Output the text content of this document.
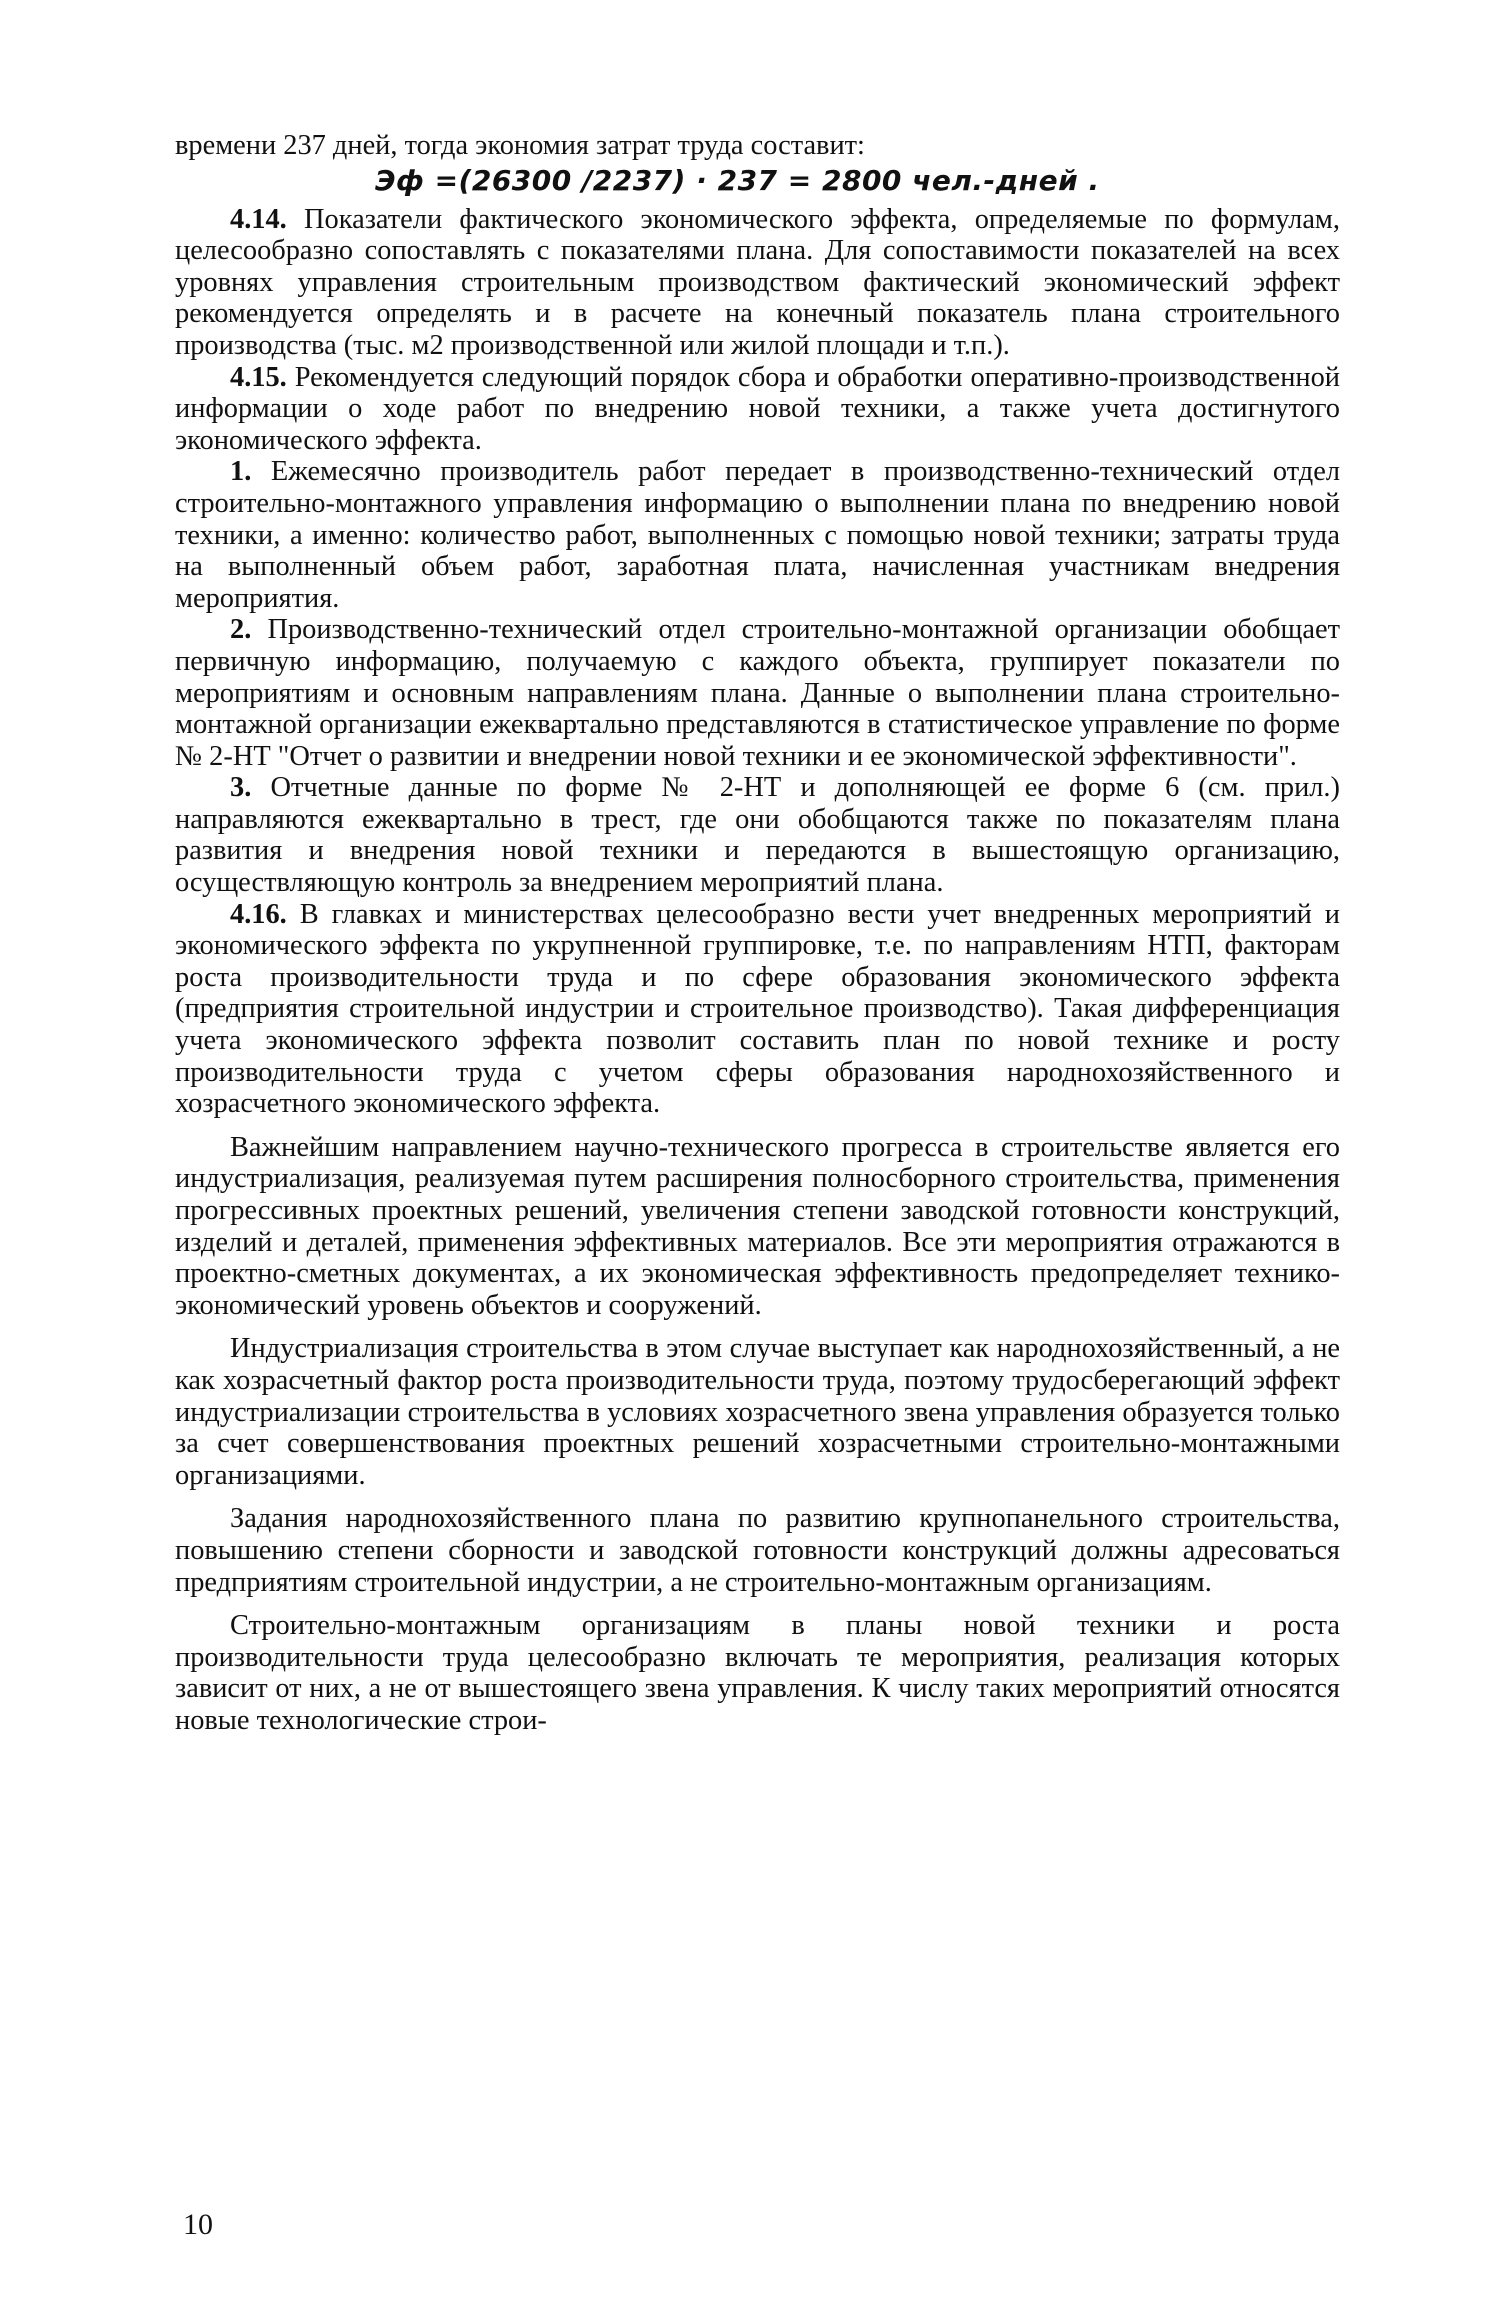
времени 237 дней, тогда экономия затрат труда составит:

Эф =(26300 /2237) · 237 = 2800 чел.-дней .

4.14. Показатели фактического экономического эффекта, определяемые по формулам, целесообразно сопоставлять с показателями плана. Для сопоставимости показателей на всех уровнях управления строительным производством фактический экономический эффект рекомендуется определять и в расчете на конечный показатель плана строительного производства (тыс. м2 производственной или жилой площади и т.п.).

4.15. Рекомендуется следующий порядок сбора и обработки оперативно-производственной информации о ходе работ по внедрению новой техники, а также учета достигнутого экономического эффекта.

1. Ежемесячно производитель работ передает в производственно-технический отдел строительно-монтажного управления информацию о выполнении плана по внедрению новой техники, а именно: количество работ, выполненных с помощью новой техники; затраты труда на выполненный объем работ, заработная плата, начисленная участникам внедрения мероприятия.

2. Производственно-технический отдел строительно-монтажной организации обобщает первичную информацию, получаемую с каждого объекта, группирует показатели по мероприятиям и основным направлениям плана. Данные о выполнении плана строительно-монтажной организации ежеквартально представляются в статистическое управление по форме № 2-НТ "Отчет о развитии и внедрении новой техники и ее экономической эффективности".

3. Отчетные данные по форме № 2-НТ и дополняющей ее форме 6 (см. прил.) направляются ежеквартально в трест, где они обобщаются также по показателям плана развития и внедрения новой техники и передаются в вышестоящую организацию, осуществляющую контроль за внедрением мероприятий плана.

4.16. В главках и министерствах целесообразно вести учет внедренных мероприятий и экономического эффекта по укрупненной группировке, т.е. по направлениям НТП, факторам роста производительности труда и по сфере образования экономического эффекта (предприятия строительной индустрии и строительное производство). Такая дифференциация учета экономического эффекта позволит составить план по новой технике и росту производительности труда с учетом сферы образования народнохозяйственного и хозрасчетного экономического эффекта.

Важнейшим направлением научно-технического прогресса в строительстве является его индустриализация, реализуемая путем расширения полносборного строительства, применения прогрессивных проектных решений, увеличения степени заводской готовности конструкций, изделий и деталей, применения эффективных материалов. Все эти мероприятия отражаются в проектно-сметных документах, а их экономическая эффективность предопределяет технико-экономический уровень объектов и сооружений.

Индустриализация строительства в этом случае выступает как народнохозяйственный, а не как хозрасчетный фактор роста производительности труда, поэтому трудосберегающий эффект индустриализации строительства в условиях хозрасчетного звена управления образуется только за счет совершенствования проектных решений хозрасчетными строительно-монтажными организациями.

Задания народнохозяйственного плана по развитию крупнопанельного строительства, повышению степени сборности и заводской готовности конструкций должны адресоваться предприятиям строительной индустрии, а не строительно-монтажным организациям.

Строительно-монтажным организациям в планы новой техники и роста производительности труда целесообразно включать те мероприятия, реализация которых зависит от них, а не от вышестоящего звена управления. К числу таких мероприятий относятся новые технологические строи-

10
